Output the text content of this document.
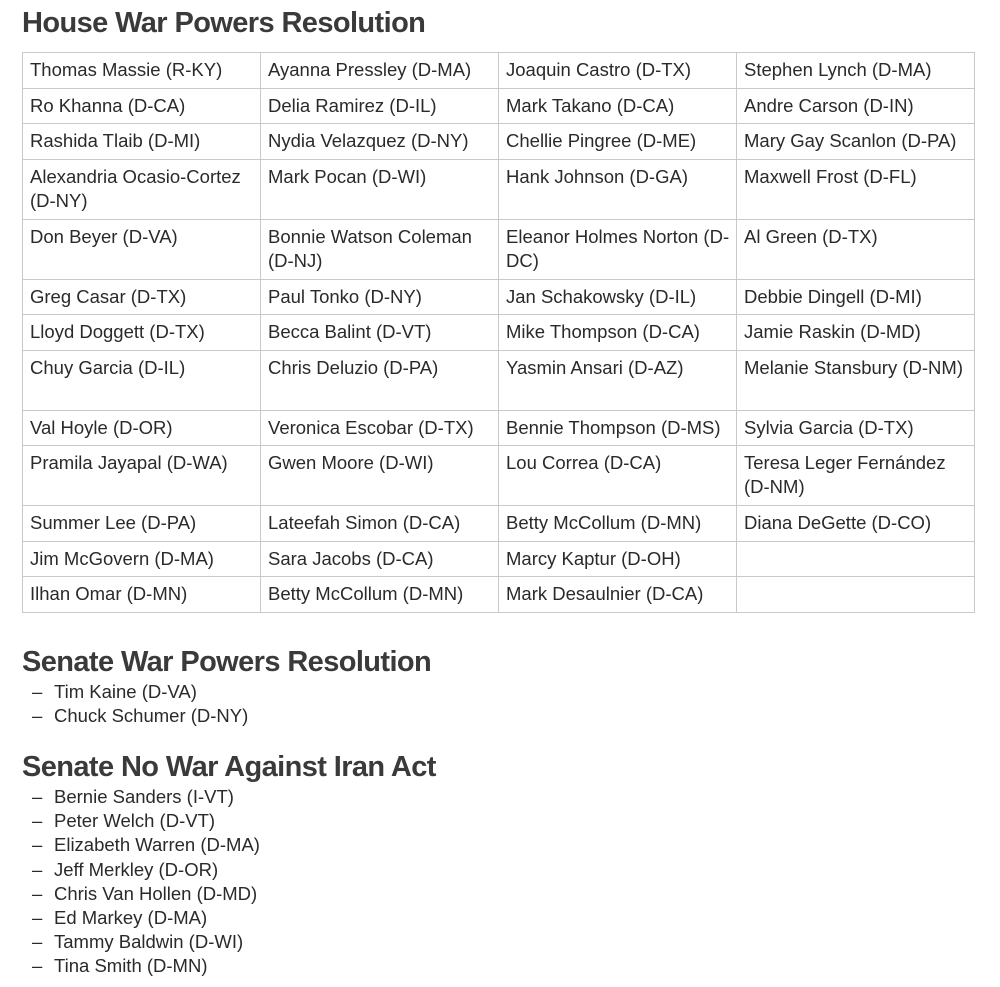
House War Powers Resolution
Thomas Massie (R-KY)	Ayanna Pressley (D-MA)	Joaquin Castro (D-TX)	Stephen Lynch (D-MA)
Ro Khanna (D-CA)	Delia Ramirez (D-IL)	Mark Takano (D-CA)	Andre Carson (D-IN)
Rashida Tlaib (D-MI)	Nydia Velazquez (D-NY)	Chellie Pingree (D-ME)	Mary Gay Scanlon (D-PA)
Alexandria Ocasio-Cortez (D-NY)	Mark Pocan (D-WI)	Hank Johnson (D-GA)	Maxwell Frost (D-FL)
Don Beyer (D-VA)	Bonnie Watson Coleman (D-NJ)	Eleanor Holmes Norton (D-DC)	Al Green (D-TX)
Greg Casar (D-TX)	Paul Tonko (D-NY)	Jan Schakowsky (D-IL)	Debbie Dingell (D-MI)
Lloyd Doggett (D-TX)	Becca Balint (D-VT)	Mike Thompson (D-CA)	Jamie Raskin (D-MD)
Chuy Garcia (D-IL)	Chris Deluzio (D-PA)	Yasmin Ansari (D-AZ)	Melanie Stansbury (D-NM)
Val Hoyle (D-OR)	Veronica Escobar (D-TX)	Bennie Thompson (D-MS)	Sylvia Garcia (D-TX)
Pramila Jayapal (D-WA)	Gwen Moore (D-WI)	Lou Correa (D-CA)	Teresa Leger Fernández (D-NM)
Summer Lee (D-PA)	Lateefah Simon (D-CA)	Betty McCollum (D-MN)	Diana DeGette (D-CO)
Jim McGovern (D-MA)	Sara Jacobs (D-CA)	Marcy Kaptur (D-OH)	
Ilhan Omar (D-MN)	Betty McCollum (D-MN)	Mark Desaulnier (D-CA)	
Senate War Powers Resolution
– Tim Kaine (D-VA)
– Chuck Schumer (D-NY)
Senate No War Against Iran Act
– Bernie Sanders (I-VT)
– Peter Welch (D-VT)
– Elizabeth Warren (D-MA)
– Jeff Merkley (D-OR)
– Chris Van Hollen (D-MD)
– Ed Markey (D-MA)
– Tammy Baldwin (D-WI)
– Tina Smith (D-MN)
